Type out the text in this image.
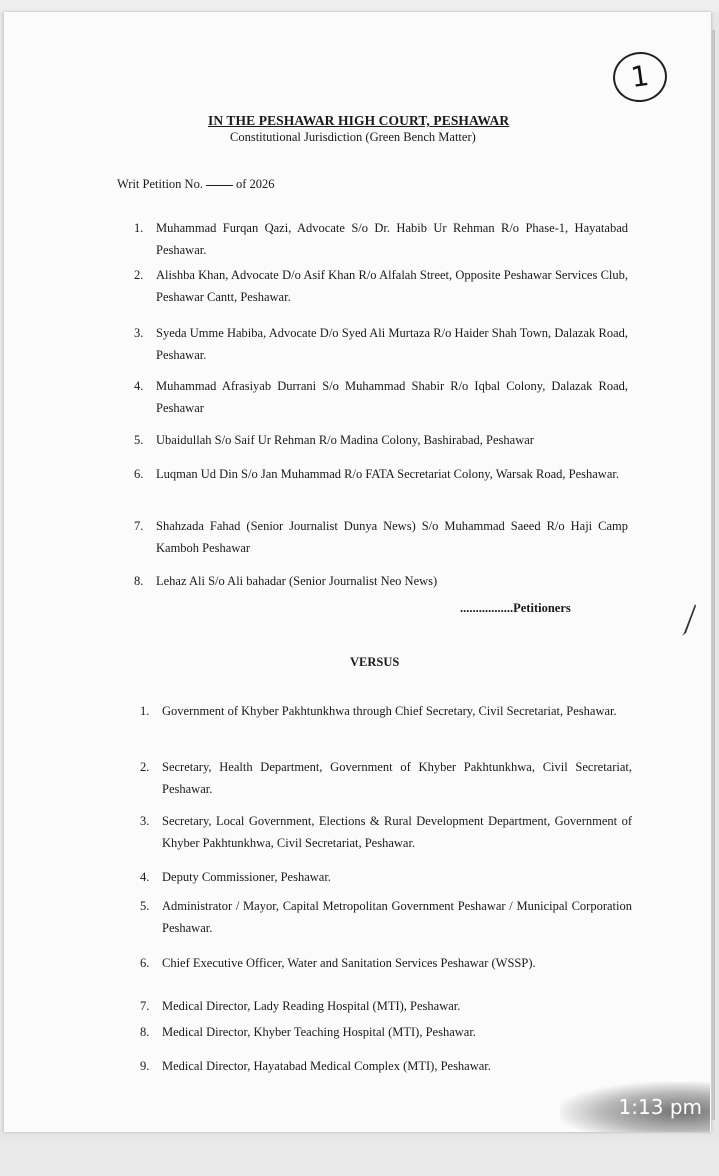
1
IN THE PESHAWAR HIGH COURT, PESHAWAR
Constitutional Jurisdiction (Green Bench Matter)
Writ Petition No.	of 2026
1. Muhammad Furqan Qazi, Advocate S/o Dr. Habib Ur Rehman R/o Phase-1, Hayatabad Peshawar.
2. Alishba Khan, Advocate D/o Asif Khan R/o Alfalah Street, Opposite Peshawar Services Club, Peshawar Cantt, Peshawar.
3. Syeda Umme Habiba, Advocate D/o Syed Ali Murtaza R/o Haider Shah Town, Dalazak Road, Peshawar.
4. Muhammad Afrasiyab Durrani S/o Muhammad Shabir R/o Iqbal Colony, Dalazak Road, Peshawar
5. Ubaidullah S/o Saif Ur Rehman R/o Madina Colony, Bashirabad, Peshawar
6. Luqman Ud Din S/o Jan Muhammad R/o FATA Secretariat Colony, Warsak Road, Peshawar.
7. Shahzada Fahad (Senior Journalist Dunya News) S/o Muhammad Saeed R/o Haji Camp Kamboh Peshawar
8. Lehaz Ali S/o Ali bahadar (Senior Journalist Neo News)
.................Petitioners
VERSUS
1. Government of Khyber Pakhtunkhwa through Chief Secretary, Civil Secretariat, Peshawar.
2. Secretary, Health Department, Government of Khyber Pakhtunkhwa, Civil Secretariat, Peshawar.
3. Secretary, Local Government, Elections & Rural Development Department, Government of Khyber Pakhtunkhwa, Civil Secretariat, Peshawar.
4. Deputy Commissioner, Peshawar.
5. Administrator / Mayor, Capital Metropolitan Government Peshawar / Municipal Corporation Peshawar.
6. Chief Executive Officer, Water and Sanitation Services Peshawar (WSSP).
7. Medical Director, Lady Reading Hospital (MTI), Peshawar.
8. Medical Director, Khyber Teaching Hospital (MTI), Peshawar.
9. Medical Director, Hayatabad Medical Complex (MTI), Peshawar.
1:13 pm
